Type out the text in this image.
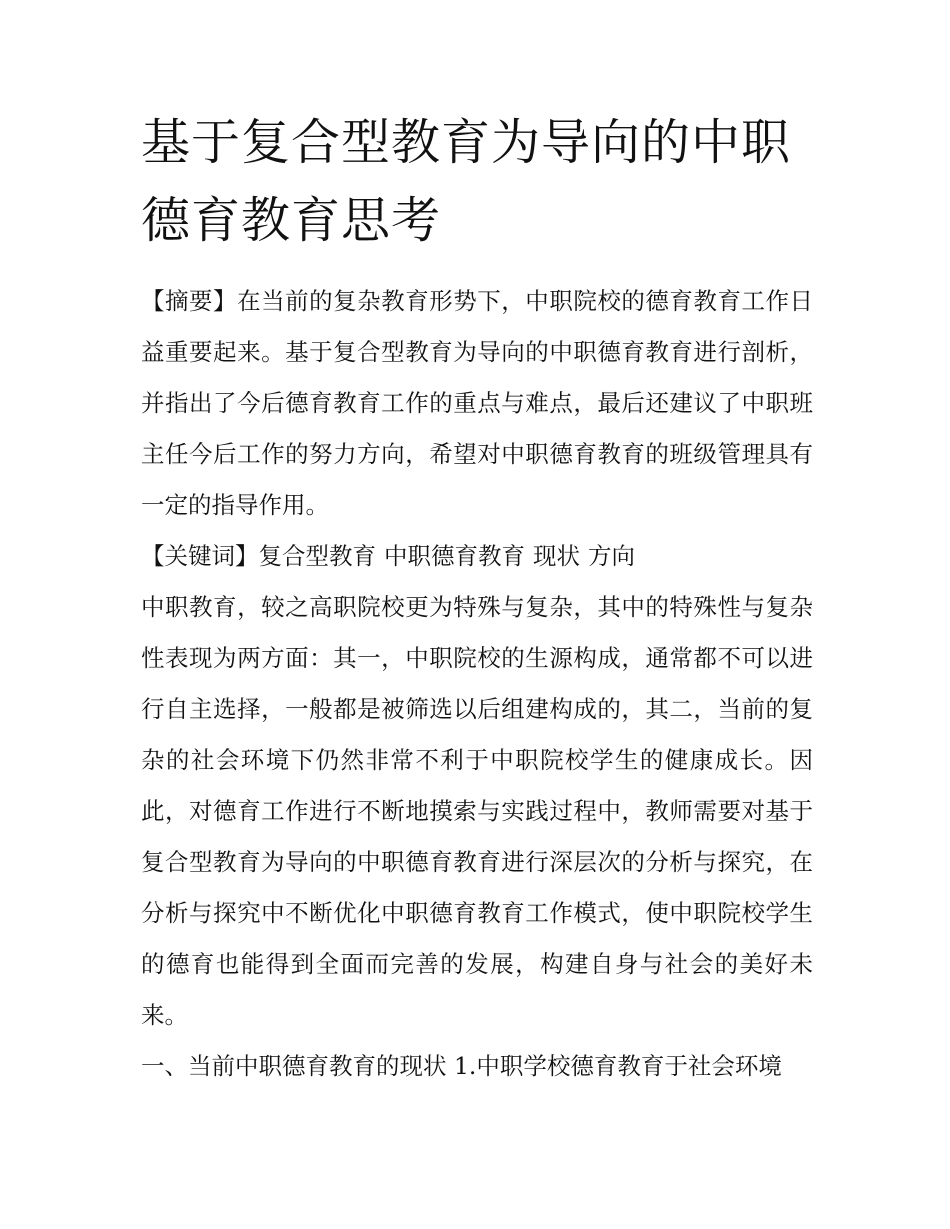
基于复合型教育为导向的中职德育教育思考

【摘要】在当前的复杂教育形势下，中职院校的德育教育工作日益重要起来。基于复合型教育为导向的中职德育教育进行剖析，并指出了今后德育教育工作的重点与难点，最后还建议了中职班主任今后工作的努力方向，希望对中职德育教育的班级管理具有一定的指导作用。

【关键词】复合型教育 中职德育教育 现状 方向

中职教育，较之高职院校更为特殊与复杂，其中的特殊性与复杂性表现为两方面：其一，中职院校的生源构成，通常都不可以进行自主选择，一般都是被筛选以后组建构成的，其二，当前的复杂的社会环境下仍然非常不利于中职院校学生的健康成长。因此，对德育工作进行不断地摸索与实践过程中，教师需要对基于复合型教育为导向的中职德育教育进行深层次的分析与探究，在分析与探究中不断优化中职德育教育工作模式，使中职院校学生的德育也能得到全面而完善的发展，构建自身与社会的美好未来。

一、当前中职德育教育的现状 1.中职学校德育教育于社会环境
